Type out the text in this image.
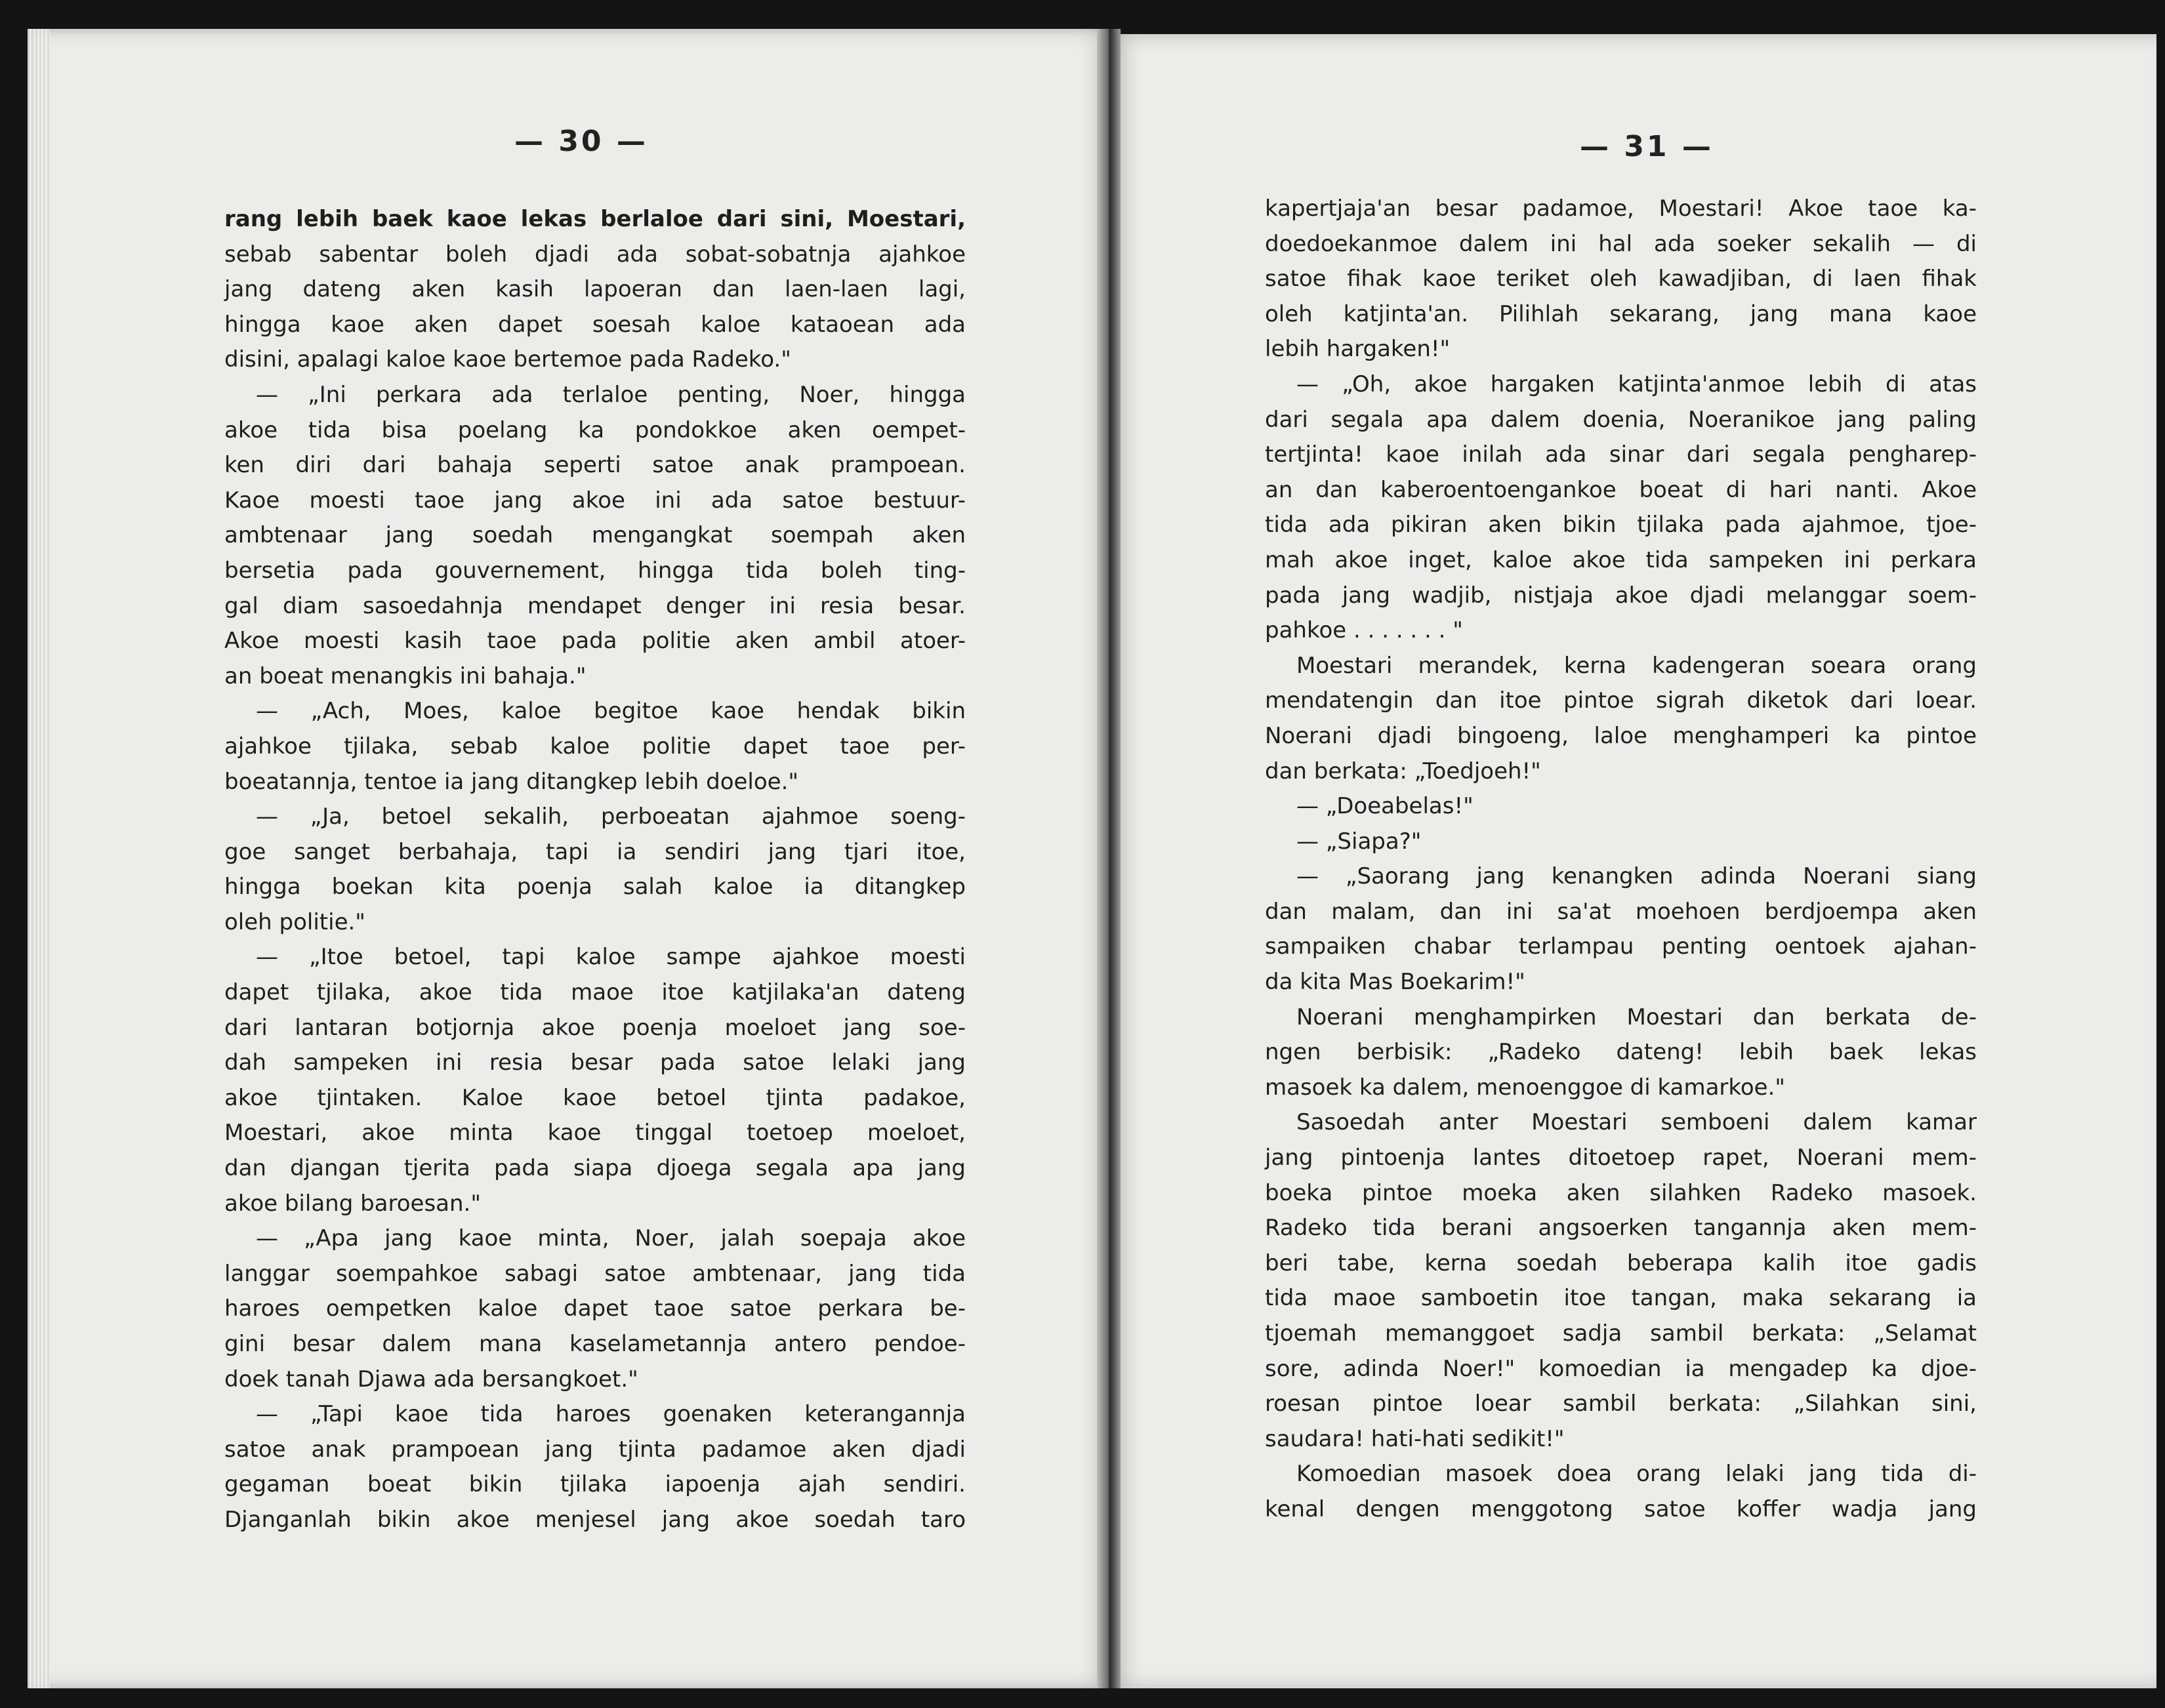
— 30 —
rang lebih baek kaoe lekas berlaloe dari sini, Moestari,
sebab sabentar boleh djadi ada sobat-sobatnja ajahkoe
jang dateng aken kasih lapoeran dan laen-laen lagi,
hingga kaoe aken dapet soesah kaloe kataoean ada
disini, apalagi kaloe kaoe bertemoe pada Radeko."
— „Ini perkara ada terlaloe penting, Noer, hingga
akoe tida bisa poelang ka pondokkoe aken oempet-
ken diri dari bahaja seperti satoe anak prampoean.
Kaoe moesti taoe jang akoe ini ada satoe bestuur-
ambtenaar jang soedah mengangkat soempah aken
bersetia pada gouvernement, hingga tida boleh ting-
gal diam sasoedahnja mendapet denger ini resia besar.
Akoe moesti kasih taoe pada politie aken ambil atoer-
an boeat menangkis ini bahaja."
— „Ach, Moes, kaloe begitoe kaoe hendak bikin
ajahkoe tjilaka, sebab kaloe politie dapet taoe per-
boeatannja, tentoe ia jang ditangkep lebih doeloe."
— „Ja, betoel sekalih, perboeatan ajahmoe soeng-
goe sanget berbahaja, tapi ia sendiri jang tjari itoe,
hingga boekan kita poenja salah kaloe ia ditangkep
oleh politie."
— „Itoe betoel, tapi kaloe sampe ajahkoe moesti
dapet tjilaka, akoe tida maoe itoe katjilaka'an dateng
dari lantaran botjornja akoe poenja moeloet jang soe-
dah sampeken ini resia besar pada satoe lelaki jang
akoe tjintaken. Kaloe kaoe betoel tjinta padakoe,
Moestari, akoe minta kaoe tinggal toetoep moeloet,
dan djangan tjerita pada siapa djoega segala apa jang
akoe bilang baroesan."
— „Apa jang kaoe minta, Noer, jalah soepaja akoe
langgar soempahkoe sabagi satoe ambtenaar, jang tida
haroes oempetken kaloe dapet taoe satoe perkara be-
gini besar dalem mana kaselametannja antero pendoe-
doek tanah Djawa ada bersangkoet."
— „Tapi kaoe tida haroes goenaken keterangannja
satoe anak prampoean jang tjinta padamoe aken djadi
gegaman boeat bikin tjilaka iapoenja ajah sendiri.
Djanganlah bikin akoe menjesel jang akoe soedah taro
— 31 —
kapertjaja'an besar padamoe, Moestari! Akoe taoe ka-
doedoekanmoe dalem ini hal ada soeker sekalih — di
satoe fihak kaoe teriket oleh kawadjiban, di laen fihak
oleh katjinta'an. Pilihlah sekarang, jang mana kaoe
lebih hargaken!"
— „Oh, akoe hargaken katjinta'anmoe lebih di atas
dari segala apa dalem doenia, Noeranikoe jang paling
tertjinta! kaoe inilah ada sinar dari segala pengharep-
an dan kaberoentoengankoe boeat di hari nanti. Akoe
tida ada pikiran aken bikin tjilaka pada ajahmoe, tjoe-
mah akoe inget, kaloe akoe tida sampeken ini perkara
pada jang wadjib, nistjaja akoe djadi melanggar soem-
pahkoe . . . . . . . "
Moestari merandek, kerna kadengeran soeara orang
mendatengin dan itoe pintoe sigrah diketok dari loear.
Noerani djadi bingoeng, laloe menghamperi ka pintoe
dan berkata: „Toedjoeh!"
— „Doeabelas!"
— „Siapa?"
— „Saorang jang kenangken adinda Noerani siang
dan malam, dan ini sa'at moehoen berdjoempa aken
sampaiken chabar terlampau penting oentoek ajahan-
da kita Mas Boekarim!"
Noerani menghampirken Moestari dan berkata de-
ngen berbisik: „Radeko dateng! lebih baek lekas
masoek ka dalem, menoenggoe di kamarkoe."
Sasoedah anter Moestari semboeni dalem kamar
jang pintoenja lantes ditoetoep rapet, Noerani mem-
boeka pintoe moeka aken silahken Radeko masoek.
Radeko tida berani angsoerken tangannja aken mem-
beri tabe, kerna soedah beberapa kalih itoe gadis
tida maoe samboetin itoe tangan, maka sekarang ia
tjoemah memanggoet sadja sambil berkata: „Selamat
sore, adinda Noer!" komoedian ia mengadep ka djoe-
roesan pintoe loear sambil berkata: „Silahkan sini,
saudara! hati-hati sedikit!"
Komoedian masoek doea orang lelaki jang tida di-
kenal dengen menggotong satoe koffer wadja jang
